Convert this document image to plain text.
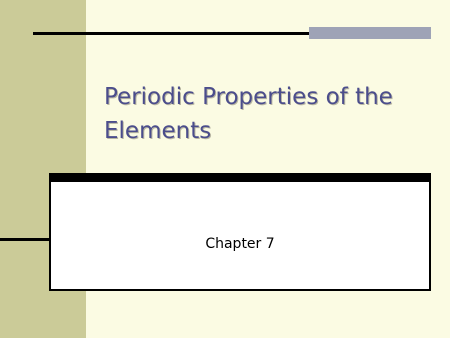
Periodic Properties of the Elements
Chapter 7
